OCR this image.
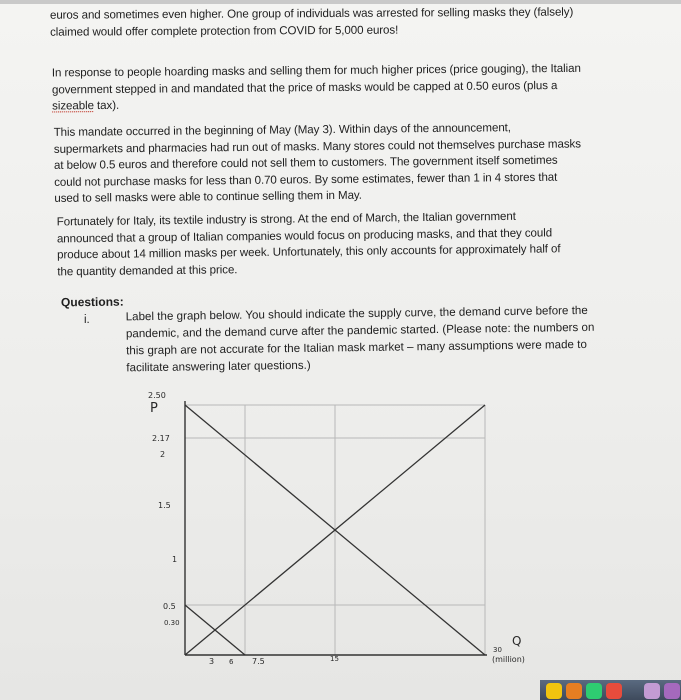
euros and sometimes even higher. One group of individuals was arrested for selling masks they (falsely)
claimed would offer complete protection from COVID for 5,000 euros!

In response to people hoarding masks and selling them for much higher prices (price gouging), the Italian
government stepped in and mandated that the price of masks would be capped at 0.50 euros (plus a
sizeable tax).

This mandate occurred in the beginning of May (May 3). Within days of the announcement,
supermarkets and pharmacies had run out of masks. Many stores could not themselves purchase masks
at below 0.5 euros and therefore could not sell them to customers. The government itself sometimes
could not purchase masks for less than 0.70 euros. By some estimates, fewer than 1 in 4 stores that
used to sell masks were able to continue selling them in May.

Fortunately for Italy, its textile industry is strong. At the end of March, the Italian government
announced that a group of Italian companies would focus on producing masks, and that they could
produce about 14 million masks per week. Unfortunately, this only accounts for approximately half of
the quantity demanded at this price.

Questions:
i.	Label the graph below. You should indicate the supply curve, the demand curve before the
pandemic, and the demand curve after the pandemic started. (Please note: the numbers on
this graph are not accurate for the Italian mask market – many assumptions were made to
facilitate answering later questions.)

P
2.50
2.17
2
1.5
1
0.5
0.30
3 6 7.5	15
30
Q
(million)
